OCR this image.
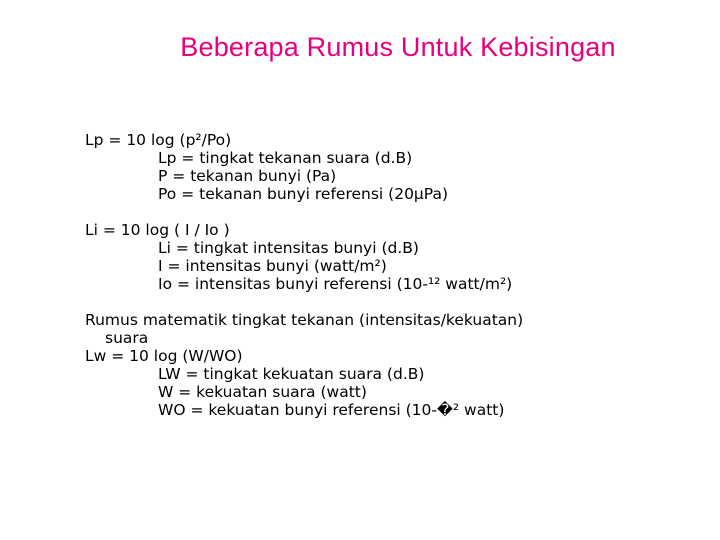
Beberapa Rumus Untuk Kebisingan
Lp = 10 log (p²/Po)
Lp = tingkat tekanan suara (d.B)
P = tekanan bunyi (Pa)
Po = tekanan bunyi referensi (20μPa)
Li = 10 log ( I / Io )
Li = tingkat intensitas bunyi (d.B)
I = intensitas bunyi (watt/m²)
Io = intensitas bunyi referensi (10-¹² watt/m²)
Rumus matematik tingkat tekanan (intensitas/kekuatan)
suara
Lw = 10 log (W/WO)
LW = tingkat kekuatan suara (d.B)
W = kekuatan suara (watt)
WO = kekuatan bunyi referensi (10-�² watt)
